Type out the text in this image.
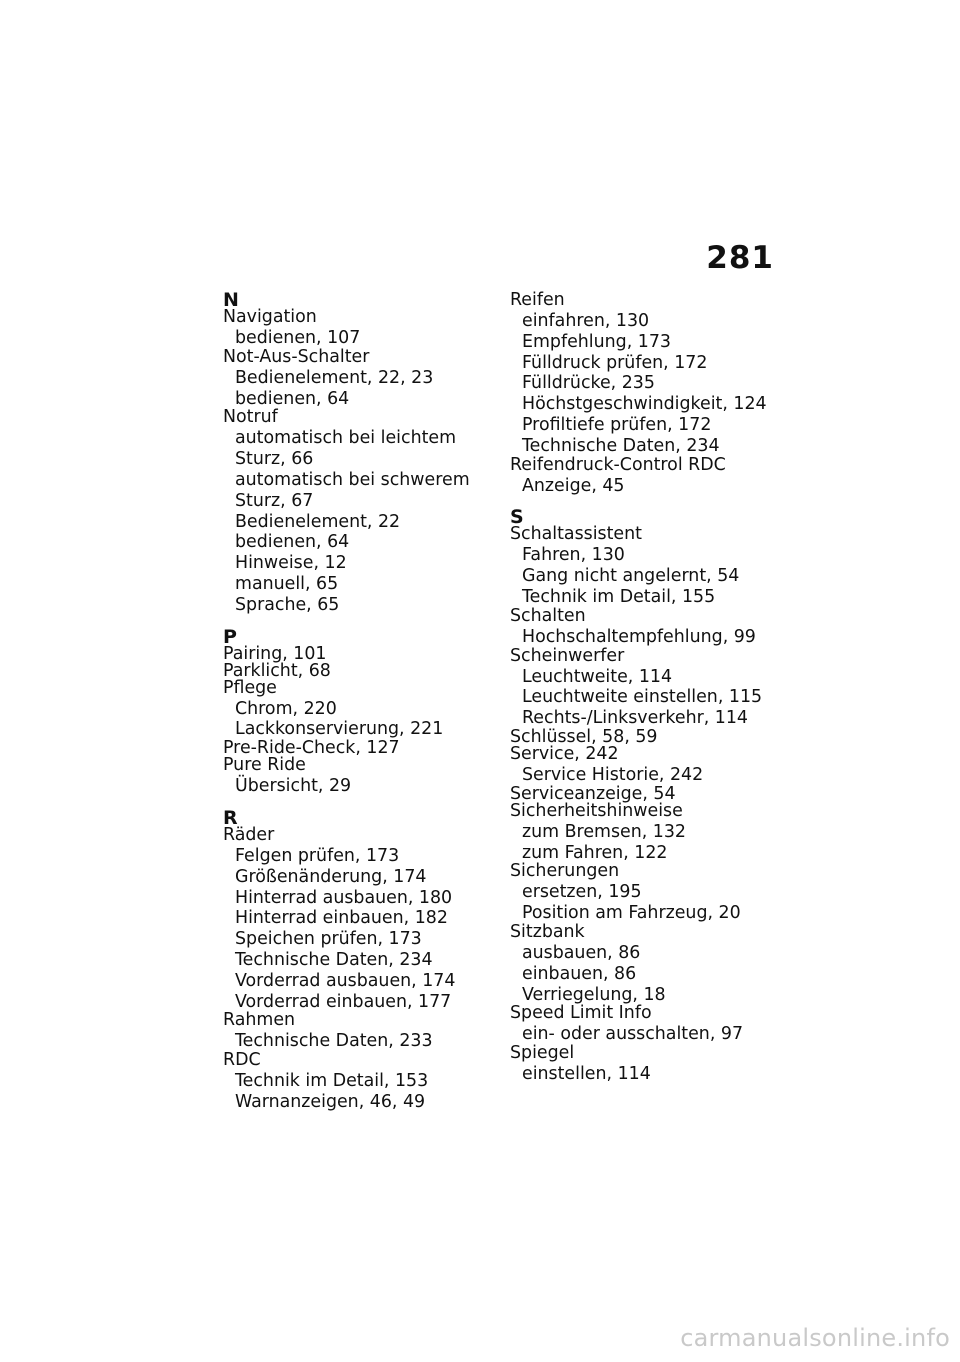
281
N
Navigation
bedienen, 107
Not-Aus-Schalter
Bedienelement, 22, 23
bedienen, 64
Notruf
automatisch bei leichtem
Sturz, 66
automatisch bei schwerem
Sturz, 67
Bedienelement, 22
bedienen, 64
Hinweise, 12
manuell, 65
Sprache, 65
P
Pairing, 101
Parklicht, 68
Pflege
Chrom, 220
Lackkonservierung, 221
Pre-Ride-Check, 127
Pure Ride
Übersicht, 29
R
Räder
Felgen prüfen, 173
Größenänderung, 174
Hinterrad ausbauen, 180
Hinterrad einbauen, 182
Speichen prüfen, 173
Technische Daten, 234
Vorderrad ausbauen, 174
Vorderrad einbauen, 177
Rahmen
Technische Daten, 233
RDC
Technik im Detail, 153
Warnanzeigen, 46, 49
Reifen
einfahren, 130
Empfehlung, 173
Fülldruck prüfen, 172
Fülldrücke, 235
Höchstgeschwindigkeit, 124
Profiltiefe prüfen, 172
Technische Daten, 234
Reifendruck-Control RDC
Anzeige, 45
S
Schaltassistent
Fahren, 130
Gang nicht angelernt, 54
Technik im Detail, 155
Schalten
Hochschaltempfehlung, 99
Scheinwerfer
Leuchtweite, 114
Leuchtweite einstellen, 115
Rechts-/Linksverkehr, 114
Schlüssel, 58, 59
Service, 242
Service Historie, 242
Serviceanzeige, 54
Sicherheitshinweise
zum Bremsen, 132
zum Fahren, 122
Sicherungen
ersetzen, 195
Position am Fahrzeug, 20
Sitzbank
ausbauen, 86
einbauen, 86
Verriegelung, 18
Speed Limit Info
ein- oder ausschalten, 97
Spiegel
einstellen, 114
carmanualsonline.info
